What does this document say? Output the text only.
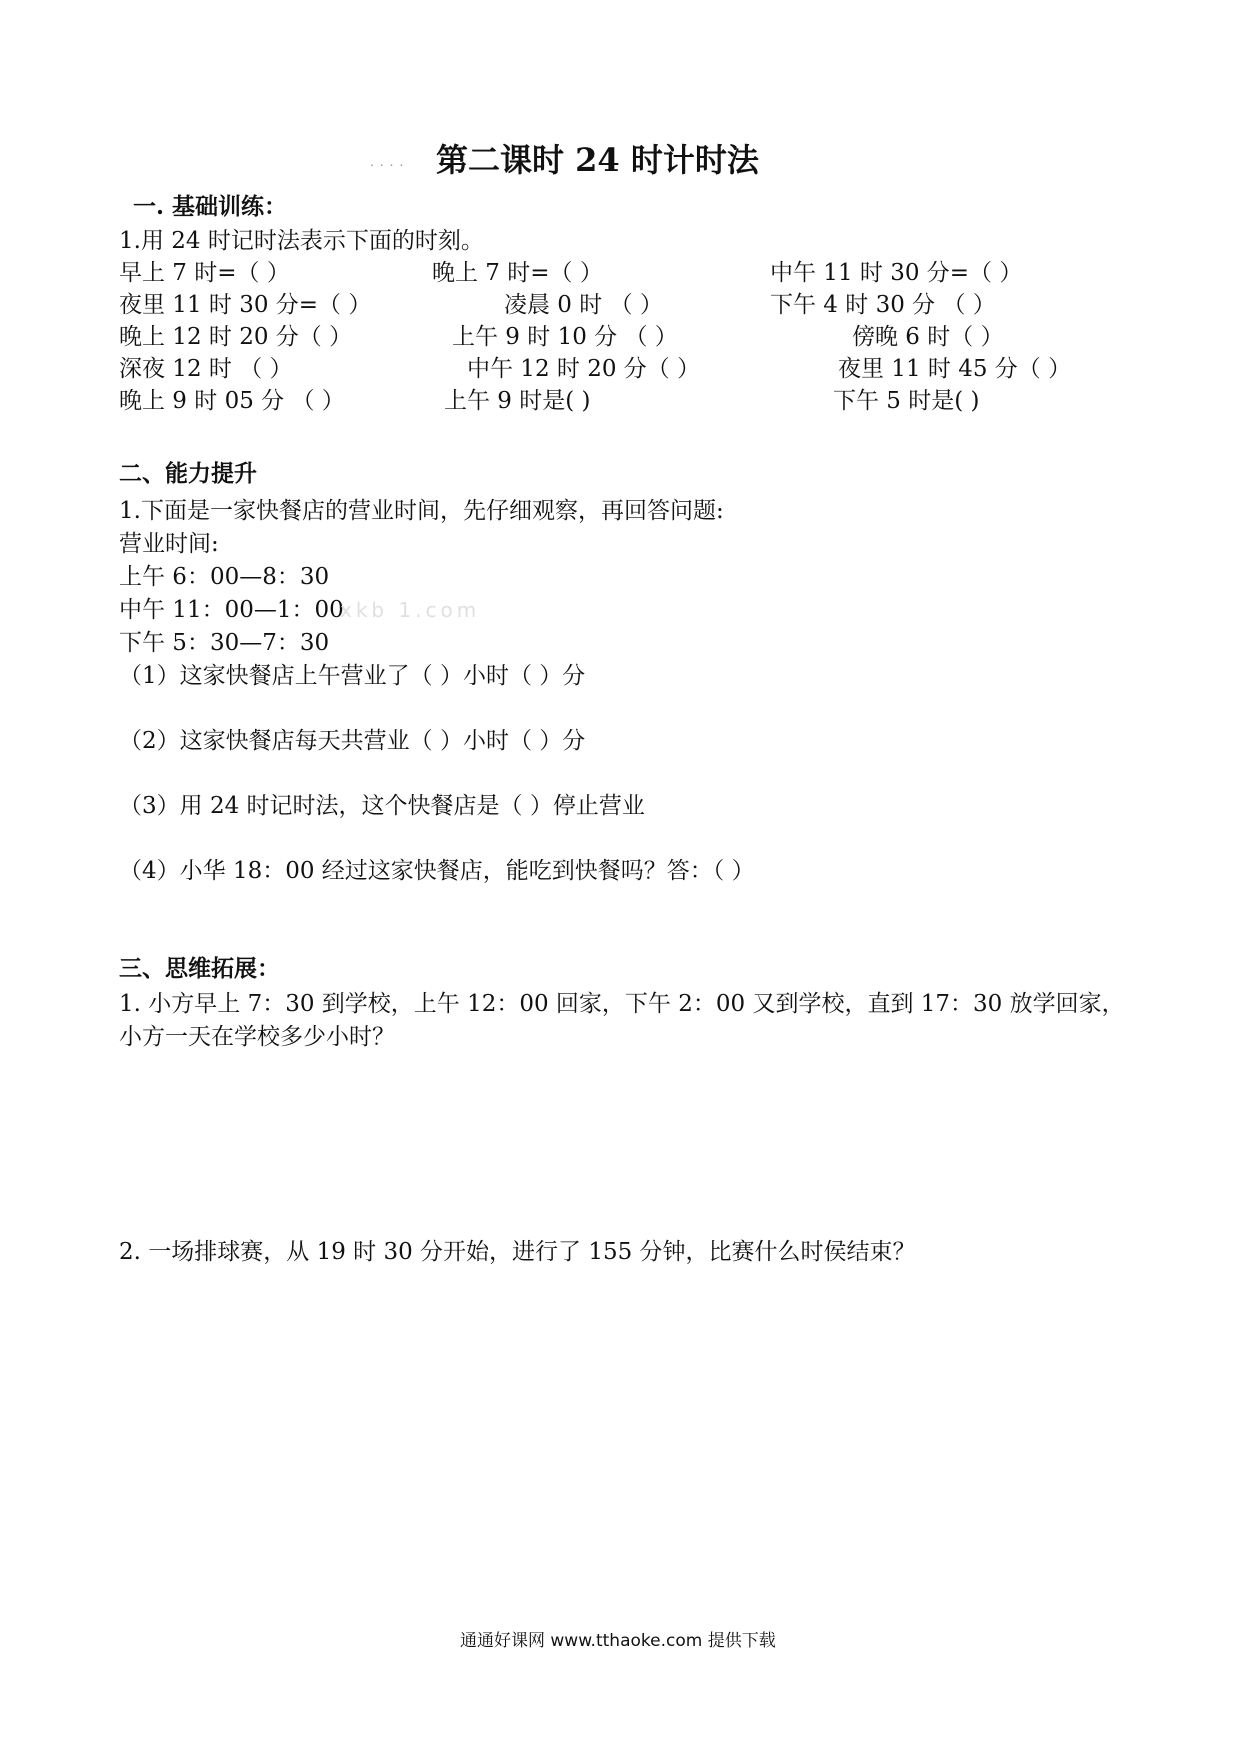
.... 第二课时 24 时计时法
一. 基础训练：
1.用 24 时记时法表示下面的时刻。
早上 7 时=（ ）	晚上 7 时=（ ）	中午 11 时 30 分=（ ）
夜里 11 时 30 分=（ ）	凌晨 0 时 （ ）	下午 4 时 30 分 （ ）
晚上 12 时 20 分（ ）	上午 9 时 10 分 （ ）	傍晚 6 时（ ）
深夜 12 时 （ ）	中午 12 时 20 分（ ）	夜里 11 时 45 分（ ）
晚上 9 时 05 分 （ ）	上午 9 时是( )	下午 5 时是( )
二、能力提升
1.下面是一家快餐店的营业时间，先仔细观察，再回答问题:
营业时间:
上午 6：00—8：30
中午 11：00—1：00
xkb 1.com
下午 5：30—7：30
（1）这家快餐店上午营业了（ ）小时（ ）分
（2）这家快餐店每天共营业（ ）小时（ ）分
（3）用 24 时记时法，这个快餐店是（ ）停止营业
（4）小华 18：00 经过这家快餐店，能吃到快餐吗？答：（ ）
三、思维拓展：
1. 小方早上 7：30 到学校，上午 12：00 回家，下午 2：00 又到学校，直到 17：30 放学回家，
小方一天在学校多少小时？
2. 一场排球赛，从 19 时 30 分开始，进行了 155 分钟，比赛什么时侯结束？
通通好课网 www.tthaoke.com 提供下载
